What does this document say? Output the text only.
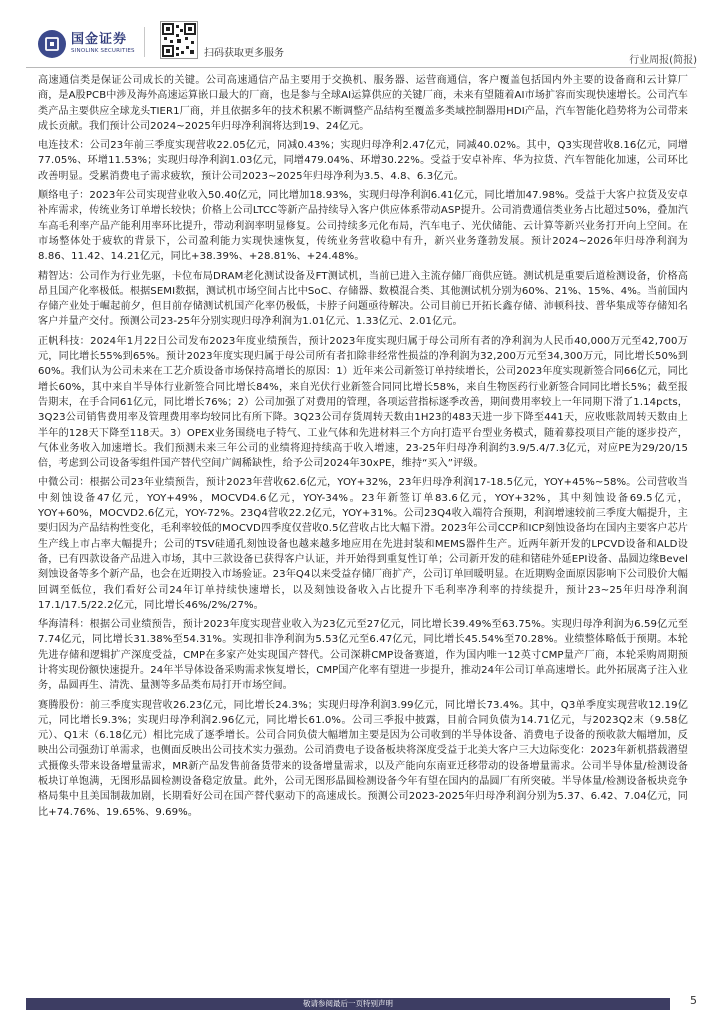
国金证券
SINOLINK SECURITIES	扫码获取更多服务
行业周报(简报)

高速通信类是保证公司成长的关键。公司高速通信产品主要用于交换机、服务器、运营商通信，客户覆盖包括国内外主要的设备商和云计算厂商，是A股PCB中涉及海外高速运算嵌口最大的厂商，也是参与全球AI运算供应的关键厂商，未来有望随着AI市场扩容而实现快速增长。公司汽车类产品主要供应全球龙头TIER1厂商，并且依据多年的技术积累不断调整产品结构至覆盖多类域控制器用HDI产品，汽车智能化趋势将为公司带来成长贡献。我们预计公司2024~2025年归母净利润将达到19、24亿元。

电连技术：公司23年前三季度实现营收22.05亿元，同减0.43%；实现归母净利2.47亿元，同减40.02%。其中，Q3实现营收8.16亿元，同增77.05%、环增11.53%；实现归母净利润1.03亿元，同增479.04%、环增30.22%。受益于安卓补库、华为拉货、汽车智能化加速，公司环比改善明显。受累消费电子需求疲软，预计公司2023~2025年归母净利为3.5、4.8、6.3亿元。

顺络电子：2023年公司实现营业收入50.40亿元，同比增加18.93%，实现归母净利润6.41亿元，同比增加47.98%。受益于大客户拉货及安卓补库需求，传统业务订单增长较快；价格上公司LTCC等新产品持续导入客户供应体系带动ASP提升。公司消费通信类业务占比超过50%，叠加汽车高毛利率产品产能利用率环比提升，带动利润率明显修复。公司持续多元化布局，汽车电子、光伏储能、云计算等新兴业务打开向上空间。在市场整体处于疲软的背景下，公司盈利能力实现快速恢复，传统业务营收稳中有升，新兴业务蓬勃发展。预计2024~2026年归母净利润为8.86、11.42、14.21亿元，同比+38.39%、+28.81%、+24.48%。

精智达：公司作为行业先驱，卡位布局DRAM老化测试设备及FT测试机，当前已进入主流存储厂商供应链。测试机是重要后道检测设备，价格高昂且国产化率极低。根据SEMI数据，测试机市场空间占比中SoC、存储器、数模混合类、其他测试机分别为60%、21%、15%、4%。当前国内存储产业处于崛起前夕，但目前存储测试机国产化率仍极低，卡脖子问题亟待解决。公司目前已开拓长鑫存储、沛顿科技、普华集成等存储知名客户并量产交付。预测公司23-25年分别实现归母净利润为1.01亿元、1.33亿元、2.01亿元。

正帆科技：2024年1月22日公司发布2023年度业绩预告，预计2023年度实现归属于母公司所有者的净利润为人民币40,000万元至42,700万元，同比增长55%到65%。预计2023年度实现归属于母公司所有者扣除非经常性损益的净利润为32,200万元至34,300万元，同比增长50%到60%。我们认为公司未来在工艺介质设备市场保持高增长的原因：1）近年来公司新签订单持续增长，公司2023年度实现新签合同66亿元，同比增长60%，其中来自半导体行业新签合同比增长84%，来自光伏行业新签合同同比增长58%，来自生物医药行业新签合同同比增长5%；截至报告期末，在手合同61亿元，同比增长76%；2）公司加强了对费用的管理，各项运营指标逐季改善，期间费用率较上一年同期下滑了1.14pcts，3Q23公司销售费用率及管理费用率均较同比有所下降。3Q23公司存货周转天数由1H23的483天进一步下降至441天，应收账款周转天数由上半年的128天下降至118天。3）OPEX业务围绕电子特气、工业气体和先进材料三个方向打造平台型业务模式，随着募投项目产能的逐步投产，气体业务收入加速增长。我们预测未来三年公司的业绩将迎持续高于收入增速，23-25年归母净利润约3.9/5.4/7.3亿元，对应PE为29/20/15倍，考虑到公司设备零组件国产替代空间广阔稀缺性，给予公司2024年30xPE，维持“买入”评级。

中微公司：根据公司23年业绩预告，预计2023年营收62.6亿元，YOY+32%，23年归母净利润17-18.5亿元，YOY+45%~58%。公司营收当中刻蚀设备47亿元，YOY+49%，MOCVD4.6亿元，YOY-34%。23年新签订单83.6亿元，YOY+32%，其中刻蚀设备69.5亿元，YOY+60%，MOCVD2.6亿元，YOY-72%。23Q4营收22.2亿元，YOY+31%。公司23Q4收入端符合预期，利润增速较前三季度大幅提升，主要归因为产品结构性变化，毛利率较低的MOCVD四季度仅营收0.5亿营收占比大幅下滑。2023年公司CCP和ICP刻蚀设备均在国内主要客户芯片生产线上市占率大幅提升；公司的TSV硅通孔刻蚀设备也越来越多地应用在先进封装和MEMS器件生产。近两年新开发的LPCVD设备和ALD设备，已有四款设备产品进入市场，其中三款设备已获得客户认证，并开始得到重复性订单；公司新开发的硅和锗硅外延EPI设备、晶圆边缘Bevel刻蚀设备等多个新产品，也会在近期投入市场验证。23年Q4以来受益存储厂商扩产，公司订单回暖明显。在近期购金面原因影响下公司股价大幅回调至低位，我们看好公司24年订单持续快速增长，以及刻蚀设备收入占比提升下毛利率净利率的持续提升，预计23~25年归母净利润17.1/17.5/22.2亿元，同比增长46%/2%/27%。

华海清科：根据公司业绩预告，预计2023年度实现营业收入为23亿元至27亿元，同比增长39.49%至63.75%。实现归母净利润为6.59亿元至7.74亿元，同比增长31.38%至54.31%。实现扣非净利润为5.53亿元至6.47亿元，同比增长45.54%至70.28%。业绩整体略低于预期。本轮先进存储和逻辑扩产深度受益，CMP在多家产处实现国产替代。公司深耕CMP设备赛道，作为国内唯一12英寸CMP量产厂商，本轮采购周期预计将实现份额快速提升。24年半导体设备采购需求恢复增长，CMP国产化率有望进一步提升，推动24年公司订单高速增长。此外拓展离子注入业务，晶圆再生、清洗、量测等多品类布局打开市场空间。

赛腾股份：前三季度实现营收26.23亿元，同比增长24.3%；实现归母净利润3.99亿元，同比增长73.4%。其中，Q3单季度实现营收12.19亿元，同比增长9.3%；实现归母净利润2.96亿元，同比增长61.0%。公司三季报中披露，目前合同负债为14.71亿元，与2023Q2末（9.58亿元）、Q1末（6.18亿元）相比完成了逐季增长。公司合同负债大幅增加主要是因为公司收到的半导体设备、消费电子设备的预收款大幅增加，反映出公司强劲订单需求，也侧面反映出公司技术实力强劲。公司消费电子设备板块将深度受益于北美大客户三大边际变化：2023年新机搭载潜望式摄像头带来设备增量需求，MR新产品发售前备货带来的设备增量需求，以及产能向东南亚迁移带动的设备增量需求。公司半导体量/检测设备板块订单饱满，无图形晶圆检测设备稳定放量。此外，公司无图形晶圆检测设备今年有望在国内的晶圆厂有所突破。半导体量/检测设备板块竞争格局集中且美国制裁加剧，长期看好公司在国产替代驱动下的高速成长。预测公司2023-2025年归母净利润分别为5.37、6.42、7.04亿元，同比+74.76%、19.65%、9.69%。

敬请参阅最后一页特别声明	5
